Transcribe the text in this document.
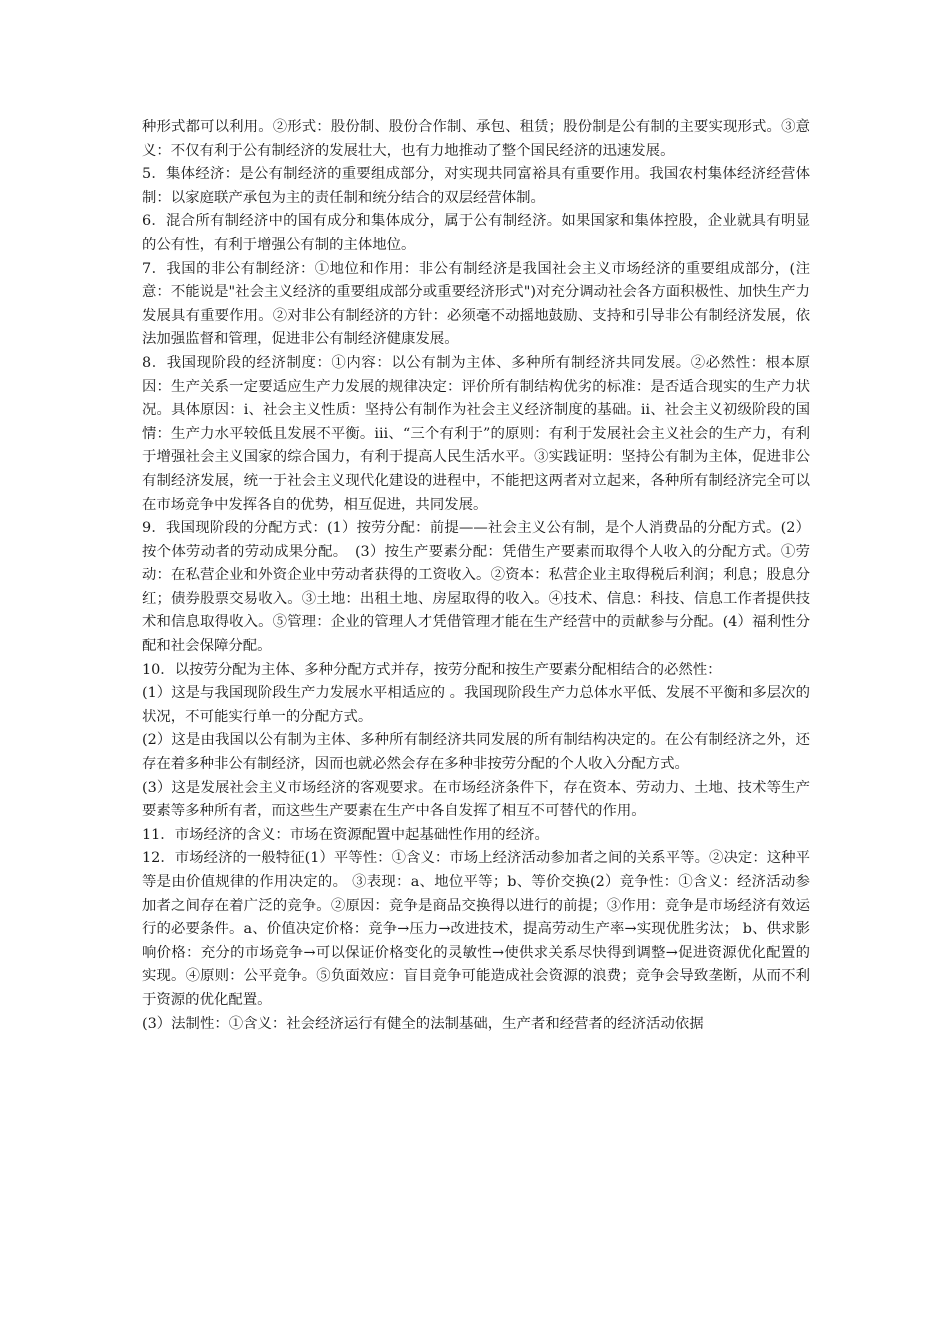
种形式都可以利用。②形式：股份制、股份合作制、承包、租赁；股份制是公有制的主要实现形式。③意义：不仅有利于公有制经济的发展壮大，也有力地推动了整个国民经济的迅速发展。

5．集体经济：是公有制经济的重要组成部分，对实现共同富裕具有重要作用。我国农村集体经济经营体制：以家庭联产承包为主的责任制和统分结合的双层经营体制。

6．混合所有制经济中的国有成分和集体成分，属于公有制经济。如果国家和集体控股，企业就具有明显的公有性，有利于增强公有制的主体地位。

7．我国的非公有制经济：①地位和作用：非公有制经济是我国社会主义市场经济的重要组成部分，(注意：不能说是"社会主义经济的重要组成部分或重要经济形式")对充分调动社会各方面积极性、加快生产力发展具有重要作用。②对非公有制经济的方针：必须毫不动摇地鼓励、支持和引导非公有制经济发展，依法加强监督和管理，促进非公有制经济健康发展。

8．我国现阶段的经济制度：①内容：以公有制为主体、多种所有制经济共同发展。②必然性：根本原因：生产关系一定要适应生产力发展的规律决定：评价所有制结构优劣的标准：是否适合现实的生产力状况。具体原因：ⅰ、社会主义性质：坚持公有制作为社会主义经济制度的基础。ⅱ、社会主义初级阶段的国情：生产力水平较低且发展不平衡。ⅲ、“三个有利于”的原则：有利于发展社会主义社会的生产力，有利于增强社会主义国家的综合国力，有利于提高人民生活水平。③实践证明：坚持公有制为主体，促进非公有制经济发展，统一于社会主义现代化建设的进程中，不能把这两者对立起来，各种所有制经济完全可以在市场竞争中发挥各自的优势，相互促进，共同发展。

9．我国现阶段的分配方式：(1）按劳分配：前提——社会主义公有制，是个人消费品的分配方式。(2）按个体劳动者的劳动成果分配。　(3）按生产要素分配：凭借生产要素而取得个人收入的分配方式。①劳动：在私营企业和外资企业中劳动者获得的工资收入。②资本：私营企业主取得税后利润；利息；股息分红；债券股票交易收入。③土地：出租土地、房屋取得的收入。④技术、信息：科技、信息工作者提供技术和信息取得收入。⑤管理：企业的管理人才凭借管理才能在生产经营中的贡献参与分配。(4）福利性分配和社会保障分配。

10．以按劳分配为主体、多种分配方式并存，按劳分配和按生产要素分配相结合的必然性：

(1）这是与我国现阶段生产力发展水平相适应的 。我国现阶段生产力总体水平低、发展不平衡和多层次的状况，不可能实行单一的分配方式。

(2）这是由我国以公有制为主体、多种所有制经济共同发展的所有制结构决定的。在公有制经济之外，还存在着多种非公有制经济，因而也就必然会存在多种非按劳分配的个人收入分配方式。

(3）这是发展社会主义市场经济的客观要求。在市场经济条件下，存在资本、劳动力、土地、技术等生产要素等多种所有者，而这些生产要素在生产中各自发挥了相互不可替代的作用。

11．市场经济的含义：市场在资源配置中起基础性作用的经济。

12．市场经济的一般特征(1）平等性：①含义：市场上经济活动参加者之间的关系平等。②决定：这种平等是由价值规律的作用决定的。 ③表现：a、地位平等；b、等价交换(2）竞争性：①含义：经济活动参加者之间存在着广泛的竞争。②原因：竞争是商品交换得以进行的前提；③作用：竞争是市场经济有效运行的必要条件。a、价值决定价格：竞争→压力→改进技术，提高劳动生产率→实现优胜劣汰； b、供求影响价格：充分的市场竞争→可以保证价格变化的灵敏性→使供求关系尽快得到调整→促进资源优化配置的实现。④原则：公平竞争。⑤负面效应：盲目竞争可能造成社会资源的浪费；竞争会导致垄断，从而不利于资源的优化配置。

(3）法制性：①含义：社会经济运行有健全的法制基础，生产者和经营者的经济活动依据
